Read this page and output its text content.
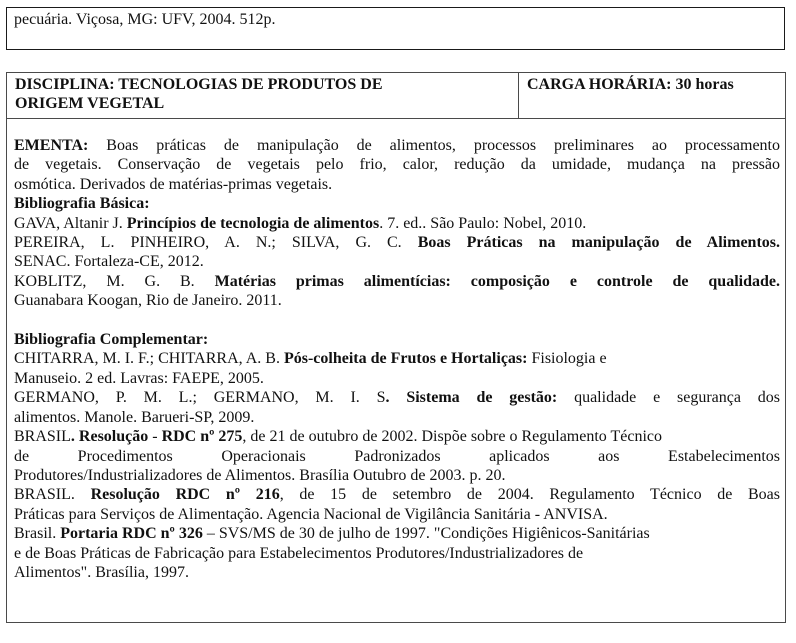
pecuária. Viçosa, MG: UFV, 2004. 512p.
DISCIPLINA: TECNOLOGIAS DE PRODUTOS DE
ORIGEM VEGETAL
CARGA HORÁRIA: 30 horas
EMENTA: Boas práticas de manipulação de alimentos, processos preliminares ao processamento
de vegetais. Conservação de vegetais pelo frio, calor, redução da umidade, mudança na pressão
osmótica. Derivados de matérias-primas vegetais.
Bibliografia Básica:
GAVA, Altanir J. Princípios de tecnologia de alimentos. 7. ed.. São Paulo: Nobel, 2010.
PEREIRA, L. PINHEIRO, A. N.; SILVA, G. C. Boas Práticas na manipulação de Alimentos.
SENAC. Fortaleza-CE, 2012.
KOBLITZ, M. G. B. Matérias primas alimentícias: composição e controle de qualidade.
Guanabara Koogan, Rio de Janeiro. 2011.
Bibliografia Complementar:
CHITARRA, M. I. F.; CHITARRA, A. B. Pós-colheita de Frutos e Hortaliças: Fisiologia e
Manuseio. 2 ed. Lavras: FAEPE, 2005.
GERMANO, P. M. L.; GERMANO, M. I. S. Sistema de gestão: qualidade e segurança dos
alimentos. Manole. Barueri-SP, 2009.
BRASIL. Resolução - RDC nº 275, de 21 de outubro de 2002. Dispõe sobre o Regulamento Técnico
de Procedimentos Operacionais Padronizados aplicados aos Estabelecimentos
Produtores/Industrializadores de Alimentos. Brasília Outubro de 2003. p. 20.
BRASIL. Resolução RDC nº 216, de 15 de setembro de 2004. Regulamento Técnico de Boas
Práticas para Serviços de Alimentação. Agencia Nacional de Vigilância Sanitária - ANVISA.
Brasil. Portaria RDC nº 326 – SVS/MS de 30 de julho de 1997. "Condições Higiênicos-Sanitárias
e de Boas Práticas de Fabricação para Estabelecimentos Produtores/Industrializadores de
Alimentos". Brasília, 1997.
